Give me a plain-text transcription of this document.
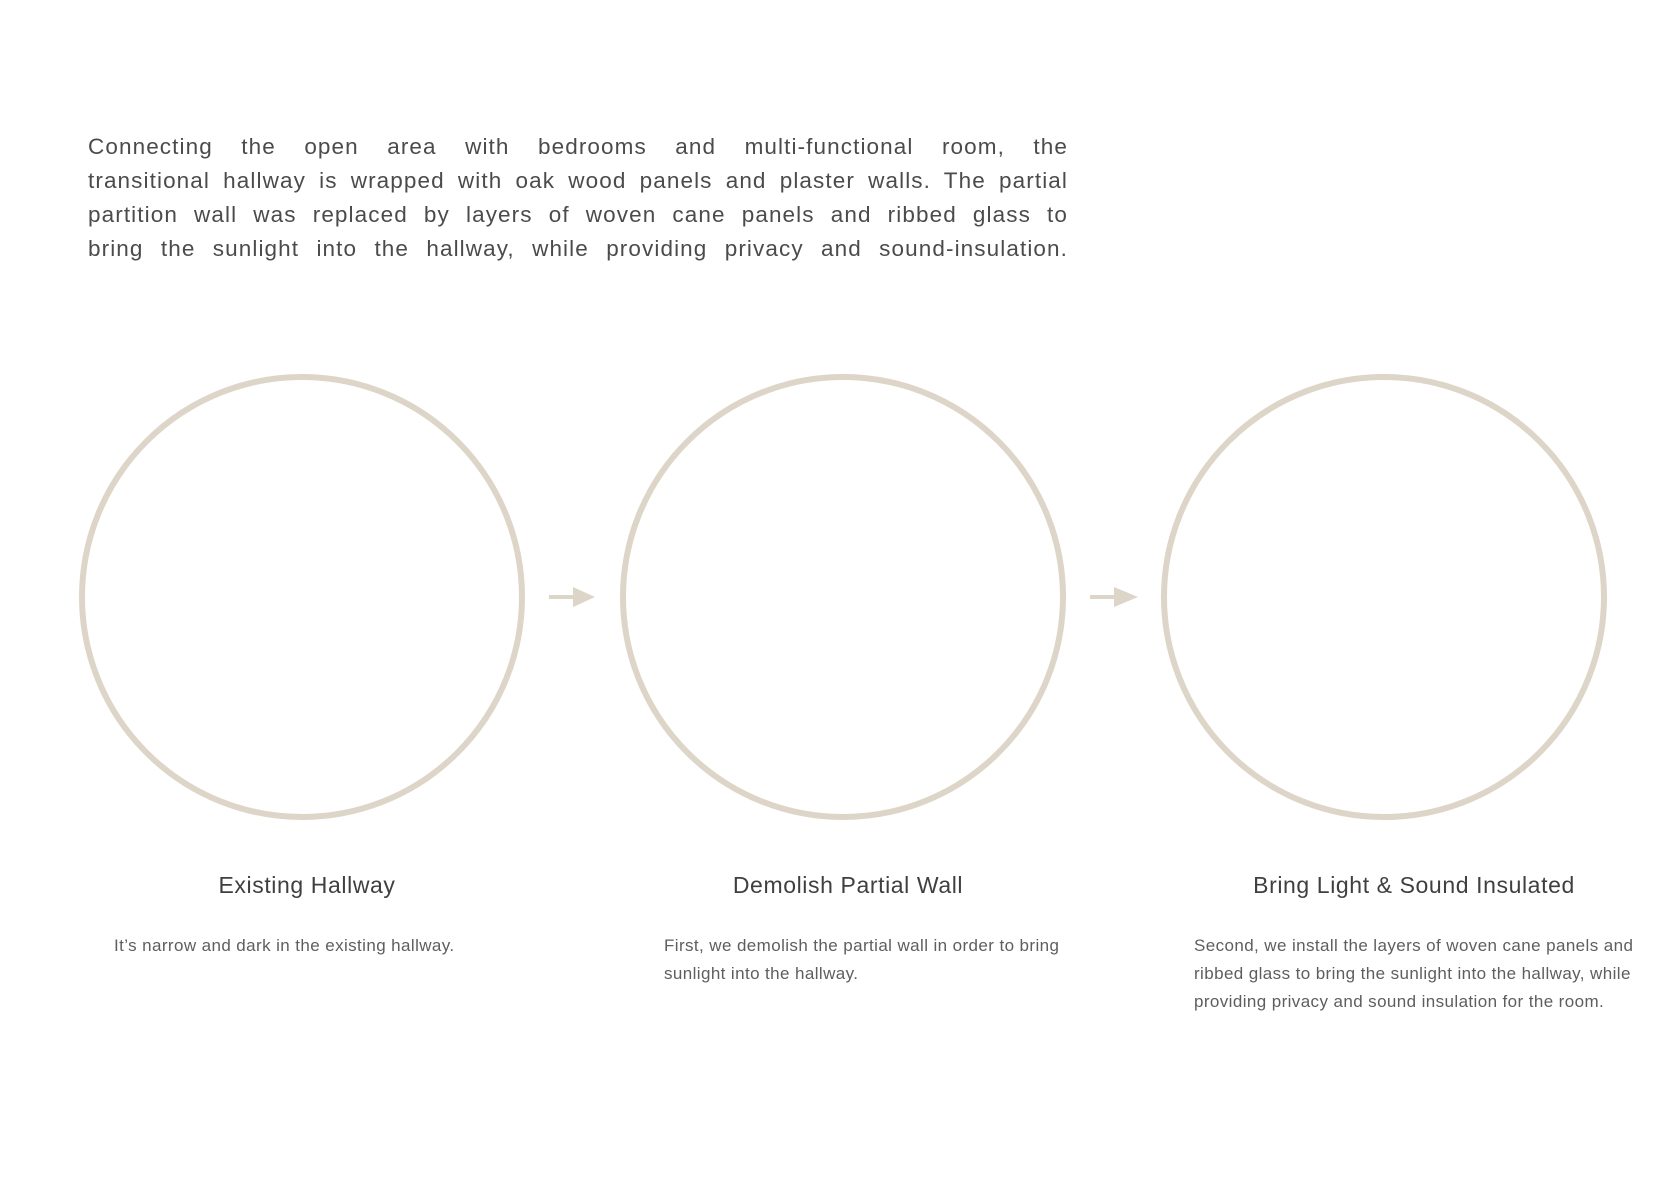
Connecting the open area with bedrooms and multi-functional room, the
transitional hallway is wrapped with oak wood panels and plaster walls. The partial
partition wall was replaced by layers of woven cane panels and ribbed glass to
bring the sunlight into the hallway, while providing privacy and sound-insulation.
Existing Hallway	Demolish Partial Wall	Bring Light & Sound Insulated
It’s narrow and dark in the existing hallway.	First, we demolish the partial wall in order to bring sunlight into the hallway.
Second, we install the layers of woven cane panels and ribbed glass to bring the sunlight into the hallway, while providing privacy and sound insulation for the room.
